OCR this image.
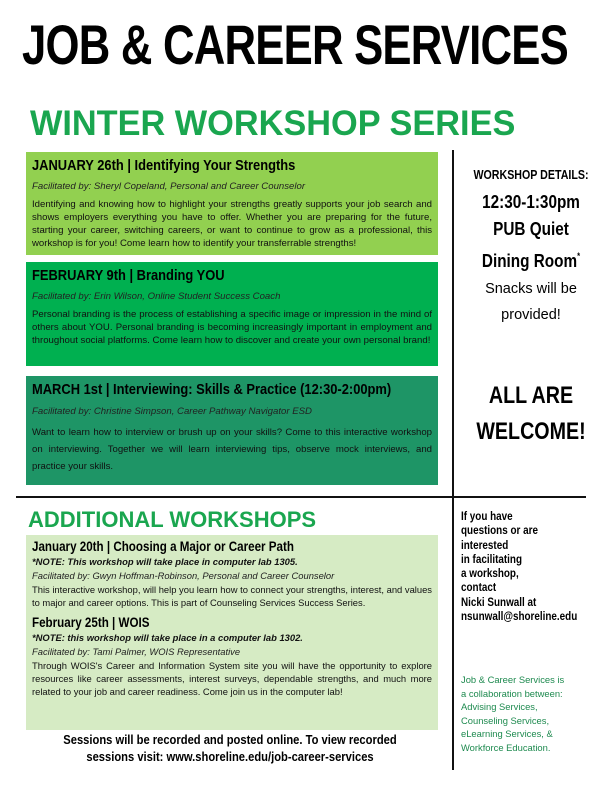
JOB & CAREER SERVICES
WINTER WORKSHOP SERIES
JANUARY 26th | Identifying Your Strengths
Facilitated by: Sheryl Copeland, Personal and Career Counselor
Identifying and knowing how to highlight your strengths greatly supports your job search and shows employers everything you have to offer. Whether you are preparing for the future, starting your career, switching careers, or want to continue to grow as a professional, this workshop is for you! Come learn how to identify your transferrable strengths!
FEBRUARY 9th | Branding YOU
Facilitated by: Erin Wilson, Online Student Success Coach
Personal branding is the process of establishing a specific image or impression in the mind of others about YOU. Personal branding is becoming increasingly important in employment and throughout social platforms. Come learn how to discover and create your own personal brand!
MARCH 1st | Interviewing: Skills & Practice (12:30-2:00pm)
Facilitated by: Christine Simpson, Career Pathway Navigator ESD
Want to learn how to interview or brush up on your skills? Come to this interactive workshop on interviewing. Together we will learn interviewing tips, observe mock interviews, and practice your skills.
WORKSHOP DETAILS:
12:30-1:30pm
PUB Quiet
Dining Room*
Snacks will be
provided!
ALL ARE
WELCOME!
ADDITIONAL WORKSHOPS
January 20th | Choosing a Major or Career Path
*NOTE: This workshop will take place in computer lab 1305.
Facilitated by: Gwyn Hoffman-Robinson, Personal and Career Counselor
This interactive workshop, will help you learn how to connect your strengths, interest, and values to major and career options. This is part of Counseling Services Success Series.
February 25th | WOIS
*NOTE: this workshop will take place in a computer lab 1302.
Facilitated by: Tami Palmer, WOIS Representative
Through WOIS's Career and Information System site you will have the opportunity to explore resources like career assessments, interest surveys, dependable strengths, and much more related to your job and career readiness. Come join us in the computer lab!
Sessions will be recorded and posted online. To view recorded
sessions visit: www.shoreline.edu/job-career-services
If you have
questions or are
interested
in facilitating
a workshop,
contact
Nicki Sunwall at
nsunwall@shoreline.edu
Job & Career Services is
a collaboration between:
Advising Services,
Counseling Services,
eLearning Services, &
Workforce Education.
